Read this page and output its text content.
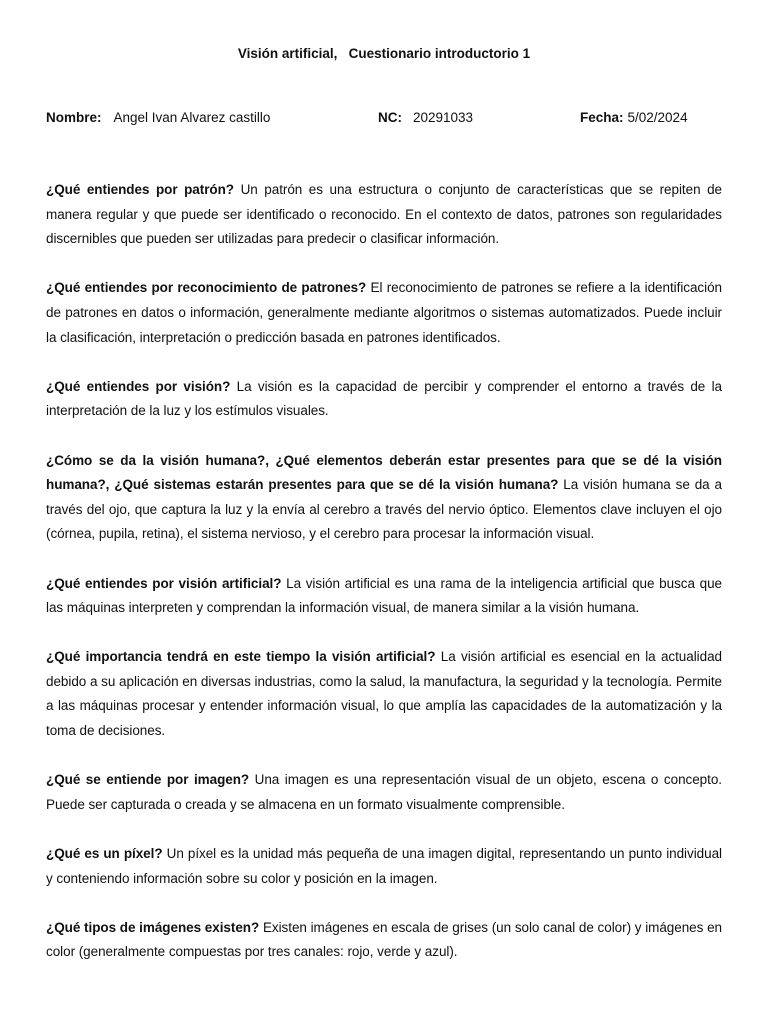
Visión artificial,   Cuestionario introductorio 1
Nombre: Angel Ivan Alvarez castillo	NC: 20291033	Fecha: 5/02/2024

¿Qué entiendes por patrón? Un patrón es una estructura o conjunto de características que se repiten de manera regular y que puede ser identificado o reconocido. En el contexto de datos, patrones son regularidades discernibles que pueden ser utilizadas para predecir o clasificar información.

¿Qué entiendes por reconocimiento de patrones? El reconocimiento de patrones se refiere a la identificación de patrones en datos o información, generalmente mediante algoritmos o sistemas automatizados. Puede incluir la clasificación, interpretación o predicción basada en patrones identificados.

¿Qué entiendes por visión? La visión es la capacidad de percibir y comprender el entorno a través de la interpretación de la luz y los estímulos visuales.

¿Cómo se da la visión humana?, ¿Qué elementos deberán estar presentes para que se dé la visión humana?, ¿Qué sistemas estarán presentes para que se dé la visión humana? La visión humana se da a través del ojo, que captura la luz y la envía al cerebro a través del nervio óptico. Elementos clave incluyen el ojo (córnea, pupila, retina), el sistema nervioso, y el cerebro para procesar la información visual.

¿Qué entiendes por visión artificial? La visión artificial es una rama de la inteligencia artificial que busca que las máquinas interpreten y comprendan la información visual, de manera similar a la visión humana.

¿Qué importancia tendrá en este tiempo la visión artificial? La visión artificial es esencial en la actualidad debido a su aplicación en diversas industrias, como la salud, la manufactura, la seguridad y la tecnología. Permite a las máquinas procesar y entender información visual, lo que amplía las capacidades de la automatización y la toma de decisiones.

¿Qué se entiende por imagen? Una imagen es una representación visual de un objeto, escena o concepto. Puede ser capturada o creada y se almacena en un formato visualmente comprensible.

¿Qué es un píxel? Un píxel es la unidad más pequeña de una imagen digital, representando un punto individual y conteniendo información sobre su color y posición en la imagen.

¿Qué tipos de imágenes existen? Existen imágenes en escala de grises (un solo canal de color) y imágenes en color (generalmente compuestas por tres canales: rojo, verde y azul).
